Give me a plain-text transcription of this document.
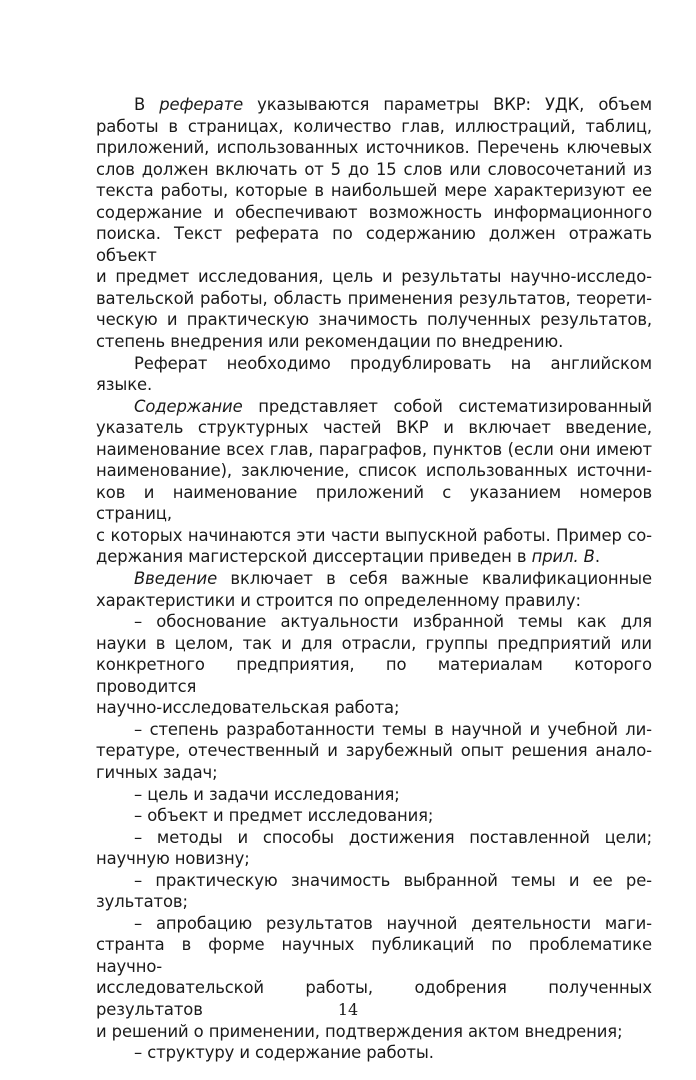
В реферате указываются параметры ВКР: УДК, объем
работы в страницах, количество глав, иллюстраций, таблиц,
приложений, использованных источников. Перечень ключевых
слов должен включать от 5 до 15 слов или словосочетаний из
текста работы, которые в наибольшей мере характеризуют ее
содержание и обеспечивают возможность информационного
поиска. Текст реферата по содержанию должен отражать объект
и предмет исследования, цель и результаты научно-исследо-
вательской работы, область применения результатов, теорети-
ческую и практическую значимость полученных результатов,
степень внедрения или рекомендации по внедрению.
Реферат необходимо продублировать на английском
языке.
Содержание представляет собой систематизированный
указатель структурных частей ВКР и включает введение,
наименование всех глав, параграфов, пунктов (если они имеют
наименование), заключение, список использованных источни-
ков и наименование приложений с указанием номеров страниц,
с которых начинаются эти части выпускной работы. Пример со-
держания магистерской диссертации приведен в прил. В.
Введение включает в себя важные квалификационные
характеристики и строится по определенному правилу:
– обоснование актуальности избранной темы как для
науки в целом, так и для отрасли, группы предприятий или
конкретного предприятия, по материалам которого проводится
научно-исследовательская работа;
– степень разработанности темы в научной и учебной ли-
тературе, отечественный и зарубежный опыт решения анало-
гичных задач;
– цель и задачи исследования;
– объект и предмет исследования;
– методы и способы достижения поставленной цели;
научную новизну;
– практическую значимость выбранной темы и ее ре-
зультатов;
– апробацию результатов научной деятельности маги-
странта в форме научных публикаций по проблематике научно-
исследовательской работы, одобрения полученных результатов
и решений о применении, подтверждения актом внедрения;
– структуру и содержание работы.
14
